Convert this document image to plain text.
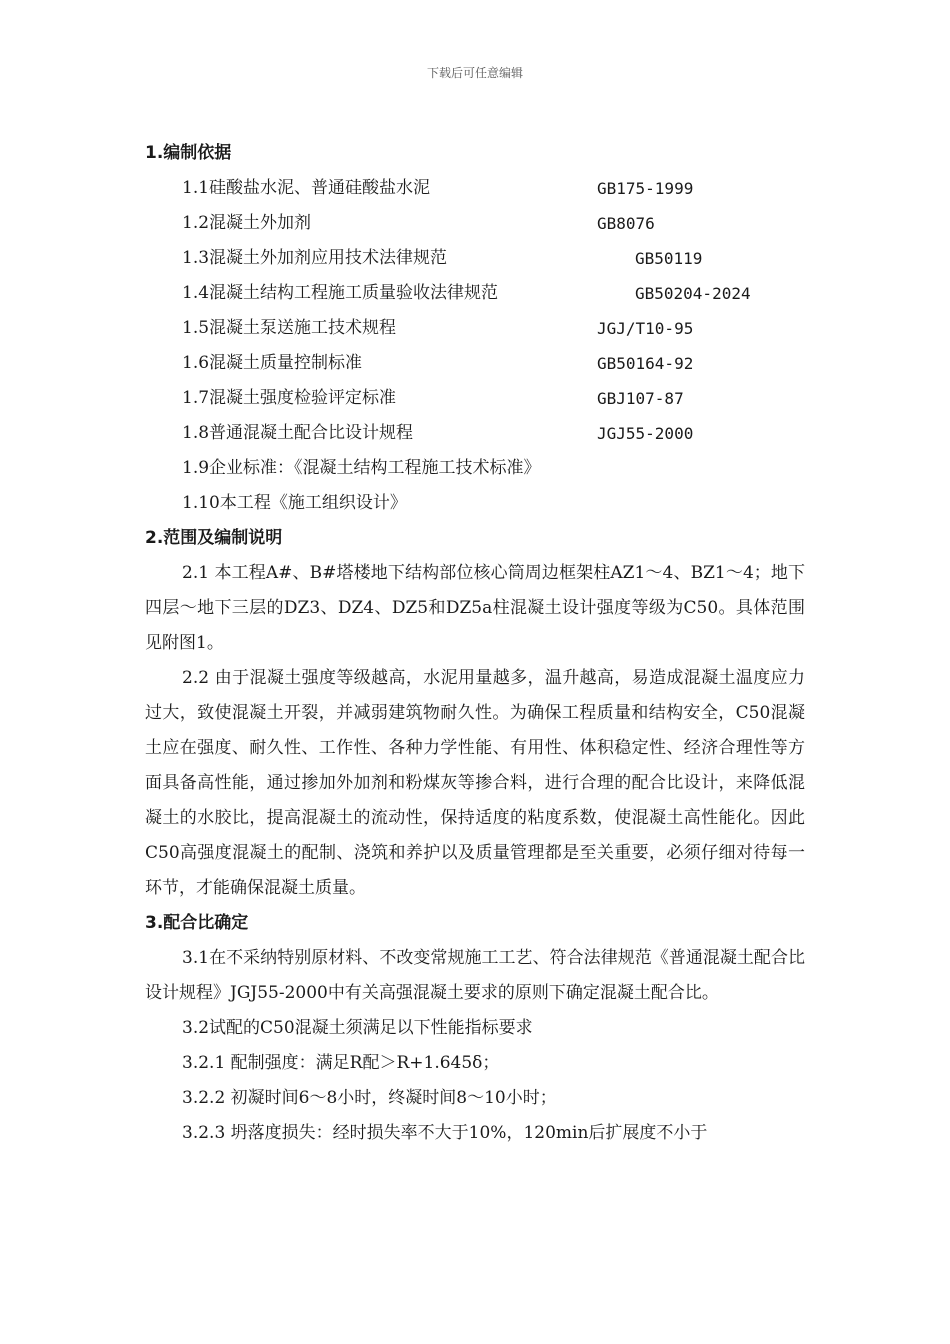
下载后可任意编辑
1.编制依据
1.1硅酸盐水泥、普通硅酸盐水泥	GB175-1999
1.2混凝土外加剂	GB8076
1.3混凝土外加剂应用技术法律规范	GB50119
1.4混凝土结构工程施工质量验收法律规范	GB50204-2024
1.5混凝土泵送施工技术规程	JGJ/T10-95
1.6混凝土质量控制标准	GB50164-92
1.7混凝土强度检验评定标准	GBJ107-87
1.8普通混凝土配合比设计规程	JGJ55-2000

1.9企业标准：《混凝土结构工程施工技术标准》

1.10本工程《施工组织设计》

2.范围及编制说明

2.1 本工程A#、B#塔楼地下结构部位核心筒周边框架柱AZ1～4、BZ1～4；地下四层～地下三层的DZ3、DZ4、DZ5和DZ5a柱混凝土设计强度等级为C50。具体范围见附图1。

2.2 由于混凝土强度等级越高，水泥用量越多，温升越高，易造成混凝土温度应力过大，致使混凝土开裂，并减弱建筑物耐久性。为确保工程质量和结构安全，C50混凝土应在强度、耐久性、工作性、各种力学性能、有用性、体积稳定性、经济合理性等方面具备高性能，通过掺加外加剂和粉煤灰等掺合料，进行合理的配合比设计，来降低混凝土的水胶比，提高混凝土的流动性，保持适度的粘度系数，使混凝土高性能化。因此C50高强度混凝土的配制、浇筑和养护以及质量管理都是至关重要，必须仔细对待每一环节，才能确保混凝土质量。

3.配合比确定

3.1在不采纳特别原材料、不改变常规施工工艺、符合法律规范《普通混凝土配合比设计规程》JGJ55-2000中有关高强混凝土要求的原则下确定混凝土配合比。

3.2试配的C50混凝土须满足以下性能指标要求

3.2.1 配制强度：满足R配＞R+1.645δ；

3.2.2 初凝时间6～8小时，终凝时间8～10小时；

3.2.3 坍落度损失：经时损失率不大于10%，120min后扩展度不小于
